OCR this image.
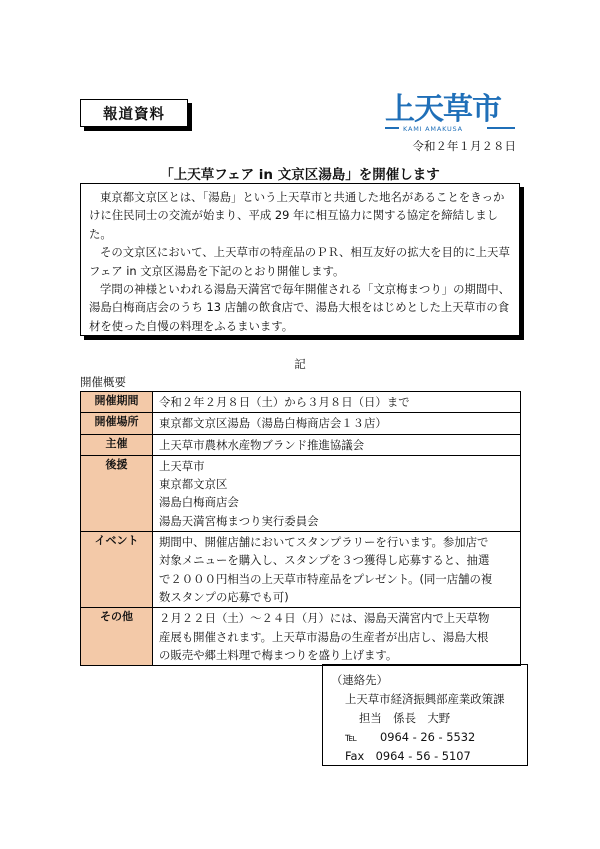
報道資料	上天草市
KAMI AMAKUSA
令和２年１月２８日
「上天草フェア in 文京区湯島」を開催します

東京都文京区とは、「湯島」という上天草市と共通した地名があることをきっかけに住民同士の交流が始まり、平成 29 年に相互協力に関する協定を締結しました。

その文京区において、上天草市の特産品のＰＲ、相互友好の拡大を目的に上天草フェア in 文京区湯島を下記のとおり開催します。

学問の神様といわれる湯島天満宮で毎年開催される「文京梅まつり」の期間中、湯島白梅商店会のうち 13 店舗の飲食店で、湯島大根をはじめとした上天草市の食材を使った自慢の料理をふるまいます。

記
開催概要
開催期間	令和２年２月８日（土）から３月８日（日）まで

開催場所	東京都文京区湯島（湯島白梅商店会１３店）

主催	上天草市農林水産物ブランド推進協議会

後援	上天草市
東京都文京区
湯島白梅商店会
湯島天満宮梅まつり実行委員会

イベント	期間中、開催店舗においてスタンプラリーを行います。参加店で
対象メニューを購入し、スタンプを３つ獲得し応募すると、抽選
で２０００円相当の上天草市特産品をプレゼント。(同一店舗の複
数スタンプの応募でも可)

その他	２月２２日（土）～２４日（月）には、湯島天満宮内で上天草物
産展も開催されます。上天草市湯島の生産者が出店し、湯島大根
の販売や郷土料理で梅まつりを盛り上げます。
（連絡先）
上天草市経済振興部産業政策課
担当　係長　大野
℡　　0964 - 26 - 5532
Fax　0964 - 56 - 5107
